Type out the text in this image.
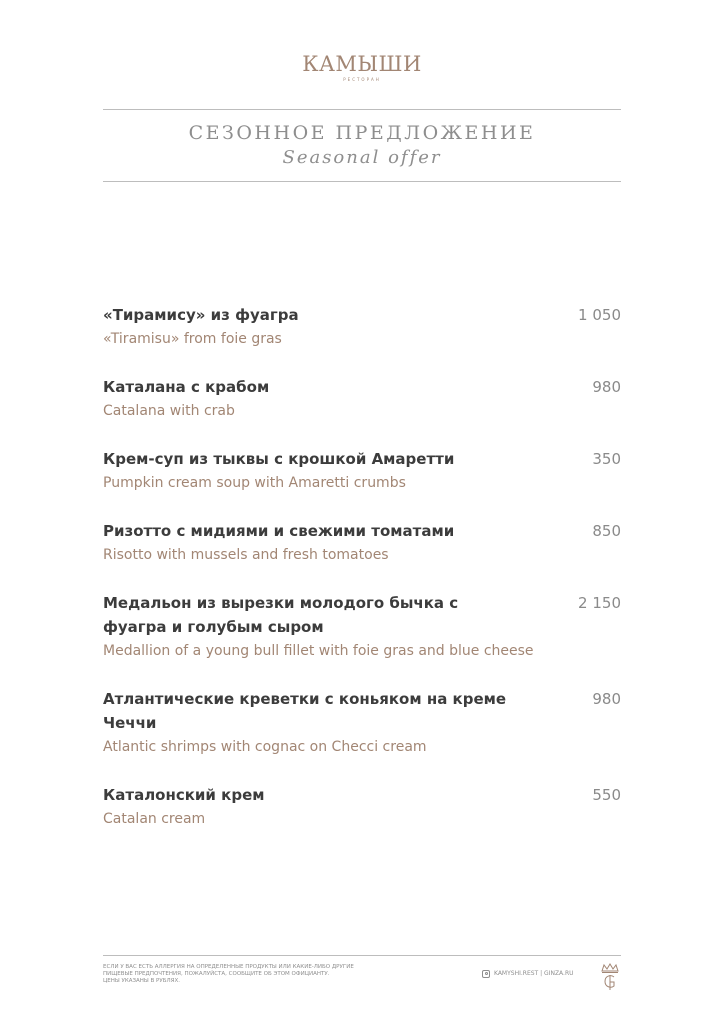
КАМЫШИ
РЕСТОРАН
СЕЗОННОЕ ПРЕДЛОЖЕНИЕ
Seasonal offer
«Тирамису» из фуагра
«Tiramisu» from foie gras
1 050
Каталана с крабом
Catalana with crab
980
Крем-суп из тыквы с крошкой Амаретти
Pumpkin cream soup with Amaretti crumbs
350
Ризотто с мидиями и свежими томатами
Risotto with mussels and fresh tomatoes
850
Медальон из вырезки молодого бычка с фуагра и голубым сыром
Medallion of a young bull fillet with foie gras and blue cheese
2 150
Атлантические креветки с коньяком на креме Чеччи
Atlantic shrimps with cognac on Checci cream
980
Каталонский крем
Catalan cream
550
ЕСЛИ У ВАС ЕСТЬ АЛЛЕРГИЯ НА ОПРЕДЕЛЕННЫЕ ПРОДУКТЫ ИЛИ КАКИЕ-ЛИБО ДРУГИЕ
ПИЩЕВЫЕ ПРЕДПОЧТЕНИЯ, ПОЖАЛУЙСТА, СООБЩИТЕ ОБ ЭТОМ ОФИЦИАНТУ.
ЦЕНЫ УКАЗАНЫ В РУБЛЯХ.
KAMYSHI.REST | GINZA.RU
